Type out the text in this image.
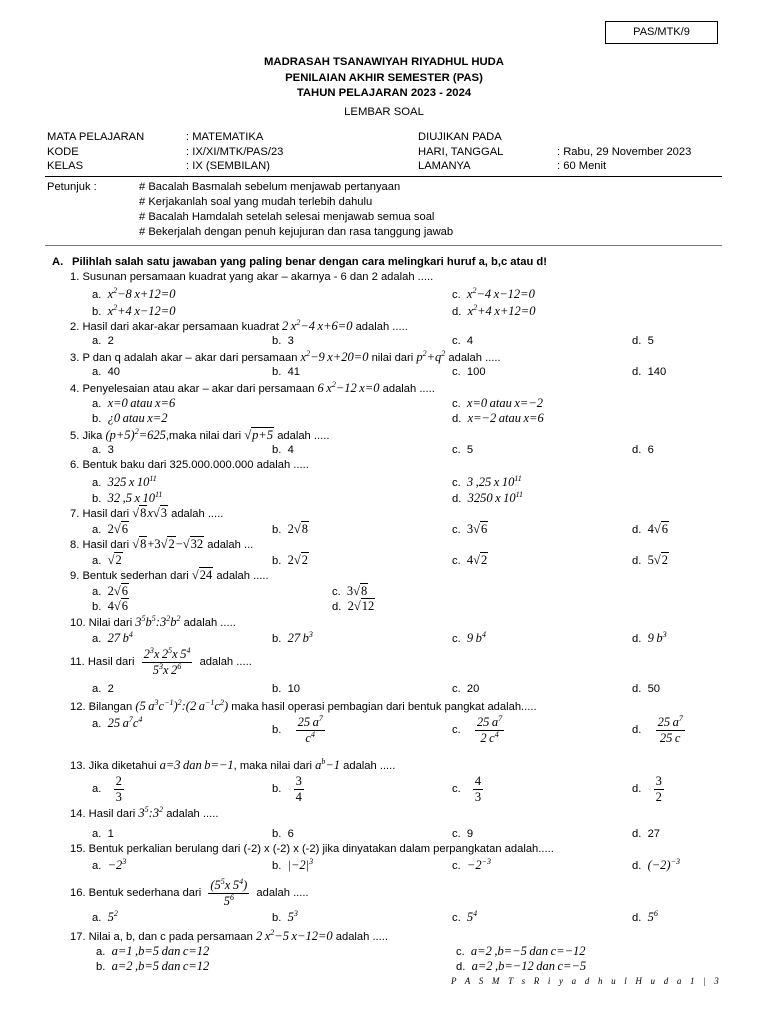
PAS/MTK/9
MADRASAH TSANAWIYAH RIYADHUL HUDA
PENILAIAN AKHIR SEMESTER (PAS)
TAHUN PELAJARAN 2023 - 2024
LEMBAR SOAL
MATA PELAJARAN	: MATEMATIKA	DIUJIKAN PADA
KODE	: IX/XI/MTK/PAS/23	HARI, TANGGAL	: Rabu, 29 November 2023
KELAS	: IX (SEMBILAN)	LAMANYA	: 60 Menit
Petunjuk :	# Bacalah Basmalah sebelum menjawab pertanyaan
# Kerjakanlah soal yang mudah terlebih dahulu
# Bacalah Hamdalah setelah selesai menjawab semua soal
# Bekerjalah dengan penuh kejujuran dan rasa tanggung jawab
A. Pilihlah salah satu jawaban yang paling benar dengan cara melingkari huruf a, b,c atau d!
1. Susunan persamaan kuadrat yang akar – akarnya - 6 dan 2 adalah .....
a. $x^2-8$ x+12=0	c. $x^2-4$ x−12=0
b. $x^2+4$ x−12=0	d. $x^2+4$ x+12=0
2. Hasil dari akar-akar persamaan kuadrat 2 $x^2-4$ x+6=0 adalah .....
a. 2	b. 3	c. 4	d. 5
3. P dan q adalah akar – akar dari persamaan $x^2-9$ x+20=0 nilai dari $p^2+q^2$ adalah .....
a. 40	b. 41	c. 100	d. 140
4. Penyelesaian atau akar – akar dari persamaan 6 $x^2-12$ x=0 adalah .....
a. x=0 atau x=6	c. x=0 atau x=−2
b. ¿0 atau x=2	d. x=−2 atau x=6
5. Jika $(p+5)^2=625,maka$ nilai dari √p+5 adalah .....
a. 3	b. 4	c. 5	d. 6
6. Bentuk baku dari 325.000.000.000 adalah .....
a. 325 x $10^{11}$	c. 3 ,25 x $10^{11}$
b. 32 ,5 x $10^{11}$	d. 3250 x $10^{11}$
7. Hasil dari √8x√3 adalah .....
a. 2√6	b. 2√8	c. 3√6	d. 4√6
8. Hasil dari √8+3√2−√32 adalah ...
a. √2	b. 2√2	c. 4√2	d. 5√2
9. Bentuk sederhan dari √24 adalah .....
a. 2√6	c. 3√8
b. 4√6	d. 2√12
10. Nilai dari $3^5b^5:3^2b^2$ adalah .....
a. 27 $b^4$	b. 27 $b^3$	c. 9 $b^4$	d. 9 $b^3$
11. Hasil dari $\frac{2^3x 2^5x 5^4}{5^3x 2^6}$ adalah .....
a. 2	b. 10	c. 20	d. 50
12. Bilangan (5 $a^3c^{-1})^2:(2$ $a^{-1}c^2$) maka hasil operasi pembagian dari bentuk pangkat adalah.....
a. 25 $a^7c^4$
b. $\frac{25 a^7}{c^4}$	c. $\frac{25 a^7}{2 c^4}$	d. $\frac{25 a^7}{25 c}$
13. Jika diketahui a=3 dan b=−1, maka nilai dari $a^b-1$ adalah .....
a. $\frac{2}{3}$	b. $\frac{3}{4}$	c. $\frac{4}{3}$	d. $\frac{3}{2}$
14. Hasil dari $3^5:3^2$ adalah .....
a. 1	b. 6	c. 9	d. 27
15. Bentuk perkalian berulang dari (-2) x (-2) x (-2) jika dinyatakan dalam perpangkatan adalah.....
a. $-2^3$	b. $|-2|^3$	c. $-2^{-3}$	d. $(-2)^{-3}$
16. Bentuk sederhana dari $\frac{(5^5x 5^4)}{5^6}$ adalah .....
a. $5^2$	b. $5^3$	c. $5^4$	d. $5^6$
17. Nilai a, b, dan c pada persamaan 2 $x^2-5$ x−12=0 adalah .....
a. a=1 ,b=5 dan c=12	c. a=2 ,b=−5 dan c=−12
b. a=2 ,b=5 dan c=12	d. a=2 ,b=−12 dan c=−5
P A S M T s R i y a d h u l H u d a 1 | 3
